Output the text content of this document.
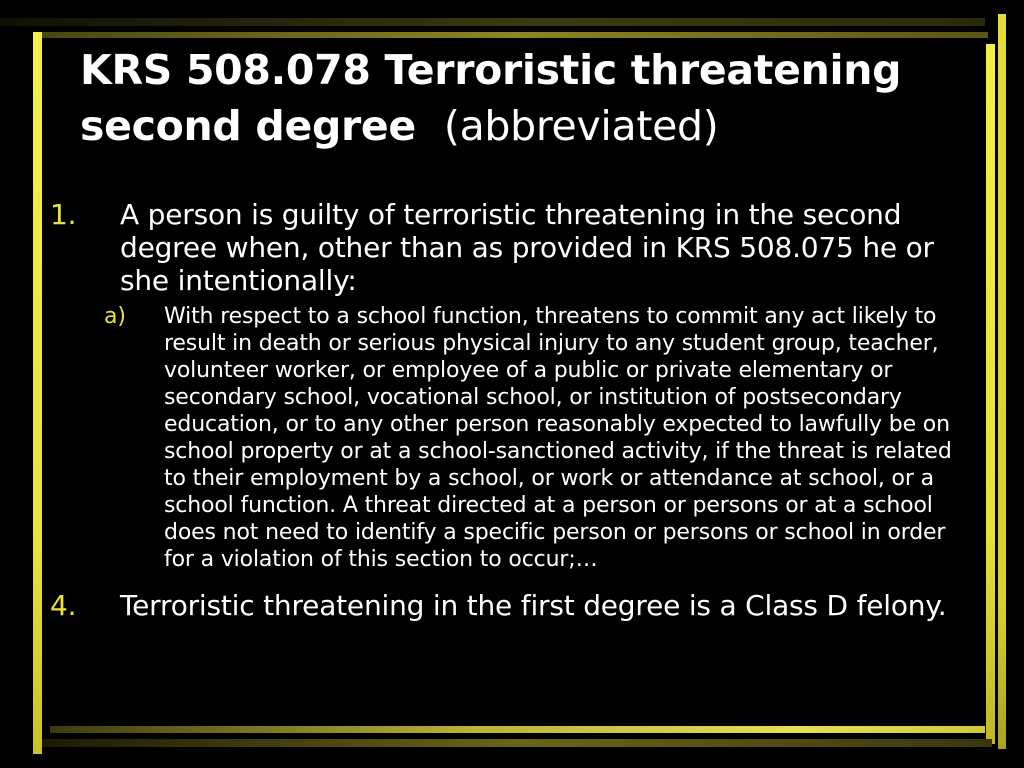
KRS 508.078 Terroristic threatening second degree (abbreviated)
1. A person is guilty of terroristic threatening in the second degree when, other than as provided in KRS 508.075 he or she intentionally:
a) With respect to a school function, threatens to commit any act likely to result in death or serious physical injury to any student group, teacher, volunteer worker, or employee of a public or private elementary or secondary school, vocational school, or institution of postsecondary education, or to any other person reasonably expected to lawfully be on school property or at a school-sanctioned activity, if the threat is related to their employment by a school, or work or attendance at school, or a school function. A threat directed at a person or persons or at a school does not need to identify a specific person or persons or school in order for a violation of this section to occur;…
4. Terroristic threatening in the first degree is a Class D felony.
